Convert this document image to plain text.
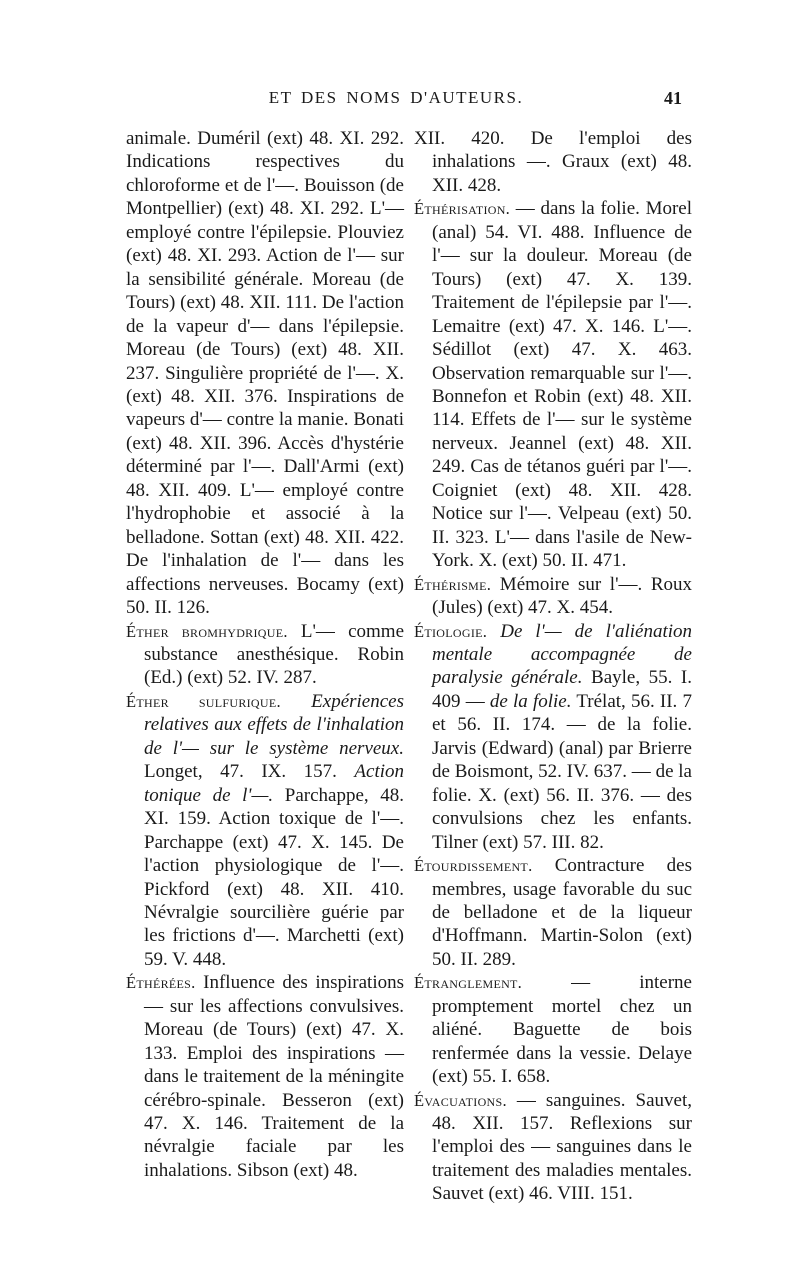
ET DES NOMS D'AUTEURS.	41

animale. Duméril (ext) 48. XI. 292. Indications respectives du chloroforme et de l'—. Bouisson (de Montpellier) (ext) 48. XI. 292. L'— employé contre l'épilepsie. Plouviez (ext) 48. XI. 293. Action de l'— sur la sensibilité générale. Moreau (de Tours) (ext) 48. XII. 111. De l'action de la vapeur d'— dans l'épilepsie. Moreau (de Tours) (ext) 48. XII. 237. Singulière propriété de l'—. X. (ext) 48. XII. 376. Inspirations de vapeurs d'— contre la manie. Bonati (ext) 48. XII. 396. Accès d'hystérie déterminé par l'—. Dall'Armi (ext) 48. XII. 409. L'— employé contre l'hydrophobie et associé à la belladone. Sottan (ext) 48. XII. 422. De l'inhalation de l'— dans les affections nerveuses. Bocamy (ext) 50. II. 126.

Éther bromhydrique. L'— comme substance anesthésique. Robin (Ed.) (ext) 52. IV. 287.

Éther sulfurique. Expériences relatives aux effets de l'inhalation de l'— sur le système nerveux. Longet, 47. IX. 157. Action tonique de l'—. Parchappe, 48. XI. 159. Action toxique de l'—. Parchappe (ext) 47. X. 145. De l'action physiologique de l'—. Pickford (ext) 48. XII. 410. Névralgie sourcilière guérie par les frictions d'—. Marchetti (ext) 59. V. 448.

Éthérées. Influence des inspirations — sur les affections convulsives. Moreau (de Tours) (ext) 47. X. 133. Emploi des inspirations — dans le traitement de la méningite cérébro-spinale. Besseron (ext) 47. X. 146. Traitement de la névralgie faciale par les inhalations. Sibson (ext) 48.

XII. 420. De l'emploi des inhalations —. Graux (ext) 48. XII. 428.

Éthérisation. — dans la folie. Morel (anal) 54. VI. 488. Influence de l'— sur la douleur. Moreau (de Tours) (ext) 47. X. 139. Traitement de l'épilepsie par l'—. Lemaitre (ext) 47. X. 146. L'—. Sédillot (ext) 47. X. 463. Observation remarquable sur l'—. Bonnefon et Robin (ext) 48. XII. 114. Effets de l'— sur le système nerveux. Jeannel (ext) 48. XII. 249. Cas de tétanos guéri par l'—. Coigniet (ext) 48. XII. 428. Notice sur l'—. Velpeau (ext) 50. II. 323. L'— dans l'asile de New-York. X. (ext) 50. II. 471.

Éthérisme. Mémoire sur l'—. Roux (Jules) (ext) 47. X. 454.

Étiologie. De l'— de l'aliénation mentale accompagnée de paralysie générale. Bayle, 55. I. 409 — de la folie. Trélat, 56. II. 7 et 56. II. 174. — de la folie. Jarvis (Edward) (anal) par Brierre de Boismont, 52. IV. 637. — de la folie. X. (ext) 56. II. 376. — des convulsions chez les enfants. Tilner (ext) 57. III. 82.

Étourdissement. Contracture des membres, usage favorable du suc de belladone et de la liqueur d'Hoffmann. Martin-Solon (ext) 50. II. 289.

Étranglement.	— interne promptement mortel chez un aliéné. Baguette de bois renfermée dans la vessie. Delaye (ext) 55. I. 658.

Évacuations. — sanguines. Sauvet, 48. XII. 157. Reflexions sur l'emploi des — sanguines dans le traitement des maladies mentales. Sauvet (ext) 46. VIII. 151.
